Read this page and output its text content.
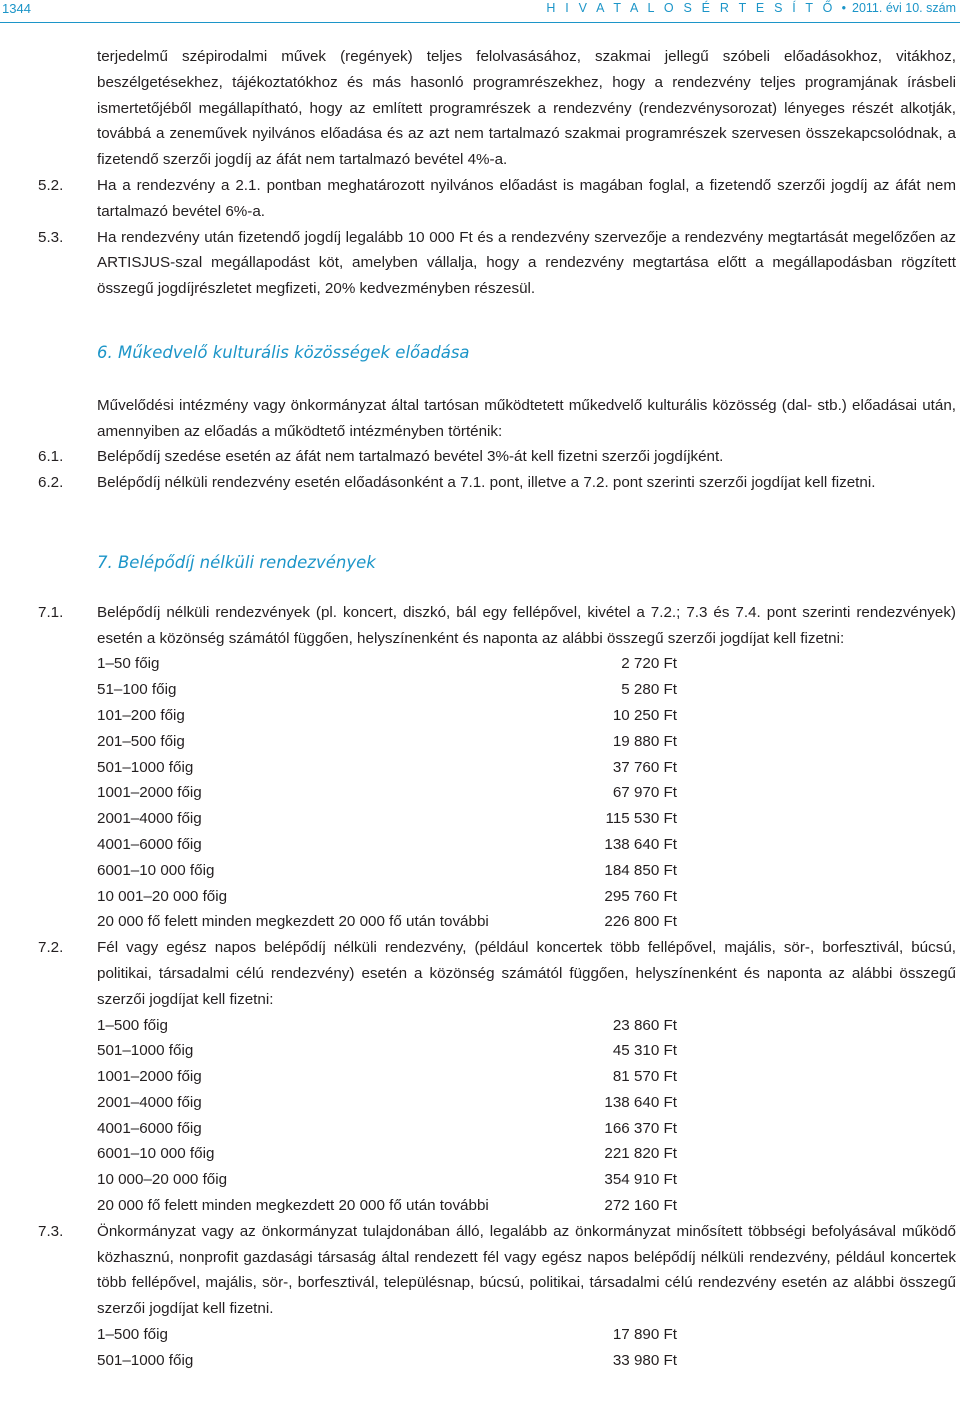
1344	H I V A T A L O S É R T E S Í T Ő • 2011. évi 10. szám
terjedelmű szépirodalmi művek (regények) teljes felolvasásához, szakmai jellegű szóbeli előadásokhoz, vitákhoz, beszélgetésekhez, tájékoztatókhoz és más hasonló programrészekhez, hogy a rendezvény teljes programjának írásbeli ismertetőjéből megállapítható, hogy az említett programrészek a rendezvény (rendezvénysorozat) lényeges részét alkotják, továbbá a zeneművek nyilvános előadása és az azt nem tartalmazó szakmai programrészek szervesen összekapcsolódnak, a fizetendő szerzői jogdíj az áfát nem tartalmazó bevétel 4%-a.
5.2.	Ha a rendezvény a 2.1. pontban meghatározott nyilvános előadást is magában foglal, a fizetendő szerzői jogdíj az áfát nem tartalmazó bevétel 6%-a.
5.3.	Ha rendezvény után fizetendő jogdíj legalább 10 000 Ft és a rendezvény szervezője a rendezvény megtartását megelőzően az ARTISJUS-szal megállapodást köt, amelyben vállalja, hogy a rendezvény megtartása előtt a megállapodásban rögzített összegű jogdíjrészletet megfizeti, 20% kedvezményben részesül.
6. Műkedvelő kulturális közösségek előadása
Művelődési intézmény vagy önkormányzat által tartósan működtetett műkedvelő kulturális közösség (dal- stb.) előadásai után, amennyiben az előadás a működtető intézményben történik:
6.1.	Belépődíj szedése esetén az áfát nem tartalmazó bevétel 3%-át kell fizetni szerzői jogdíjként.
6.2.	Belépődíj nélküli rendezvény esetén előadásonként a 7.1. pont, illetve a 7.2. pont szerinti szerzői jogdíjat kell fizetni.
7. Belépődíj nélküli rendezvények
7.1.	Belépődíj nélküli rendezvények (pl. koncert, diszkó, bál egy fellépővel, kivétel a 7.2.; 7.3 és 7.4. pont szerinti rendezvények) esetén a közönség számától függően, helyszínenként és naponta az alábbi összegű szerzői jogdíjat kell fizetni:
1–50 főig	2 720 Ft
51–100 főig	5 280 Ft
101–200 főig	10 250 Ft
201–500 főig	19 880 Ft
501–1000 főig	37 760 Ft
1001–2000 főig	67 970 Ft
2001–4000 főig	115 530 Ft
4001–6000 főig	138 640 Ft
6001–10 000 főig	184 850 Ft
10 001–20 000 főig	295 760 Ft
20 000 fő felett minden megkezdett 20 000 fő után további	226 800 Ft
7.2.	Fél vagy egész napos belépődíj nélküli rendezvény, (például koncertek több fellépővel, majális, sör-, borfesztivál, búcsú, politikai, társadalmi célú rendezvény) esetén a közönség számától függően, helyszínenként és naponta az alábbi összegű szerzői jogdíjat kell fizetni:
1–500 főig	23 860 Ft
501–1000 főig	45 310 Ft
1001–2000 főig	81 570 Ft
2001–4000 főig	138 640 Ft
4001–6000 főig	166 370 Ft
6001–10 000 főig	221 820 Ft
10 000–20 000 főig	354 910 Ft
20 000 fő felett minden megkezdett 20 000 fő után további	272 160 Ft
7.3.	Önkormányzat vagy az önkormányzat tulajdonában álló, legalább az önkormányzat minősített többségi befolyásával működő közhasznú, nonprofit gazdasági társaság által rendezett fél vagy egész napos belépődíj nélküli rendezvény, például koncertek több fellépővel, majális, sör-, borfesztivál, településnap, búcsú, politikai, társadalmi célú rendezvény esetén az alábbi összegű szerzői jogdíjat kell fizetni.
1–500 főig	17 890 Ft
501–1000 főig	33 980 Ft
